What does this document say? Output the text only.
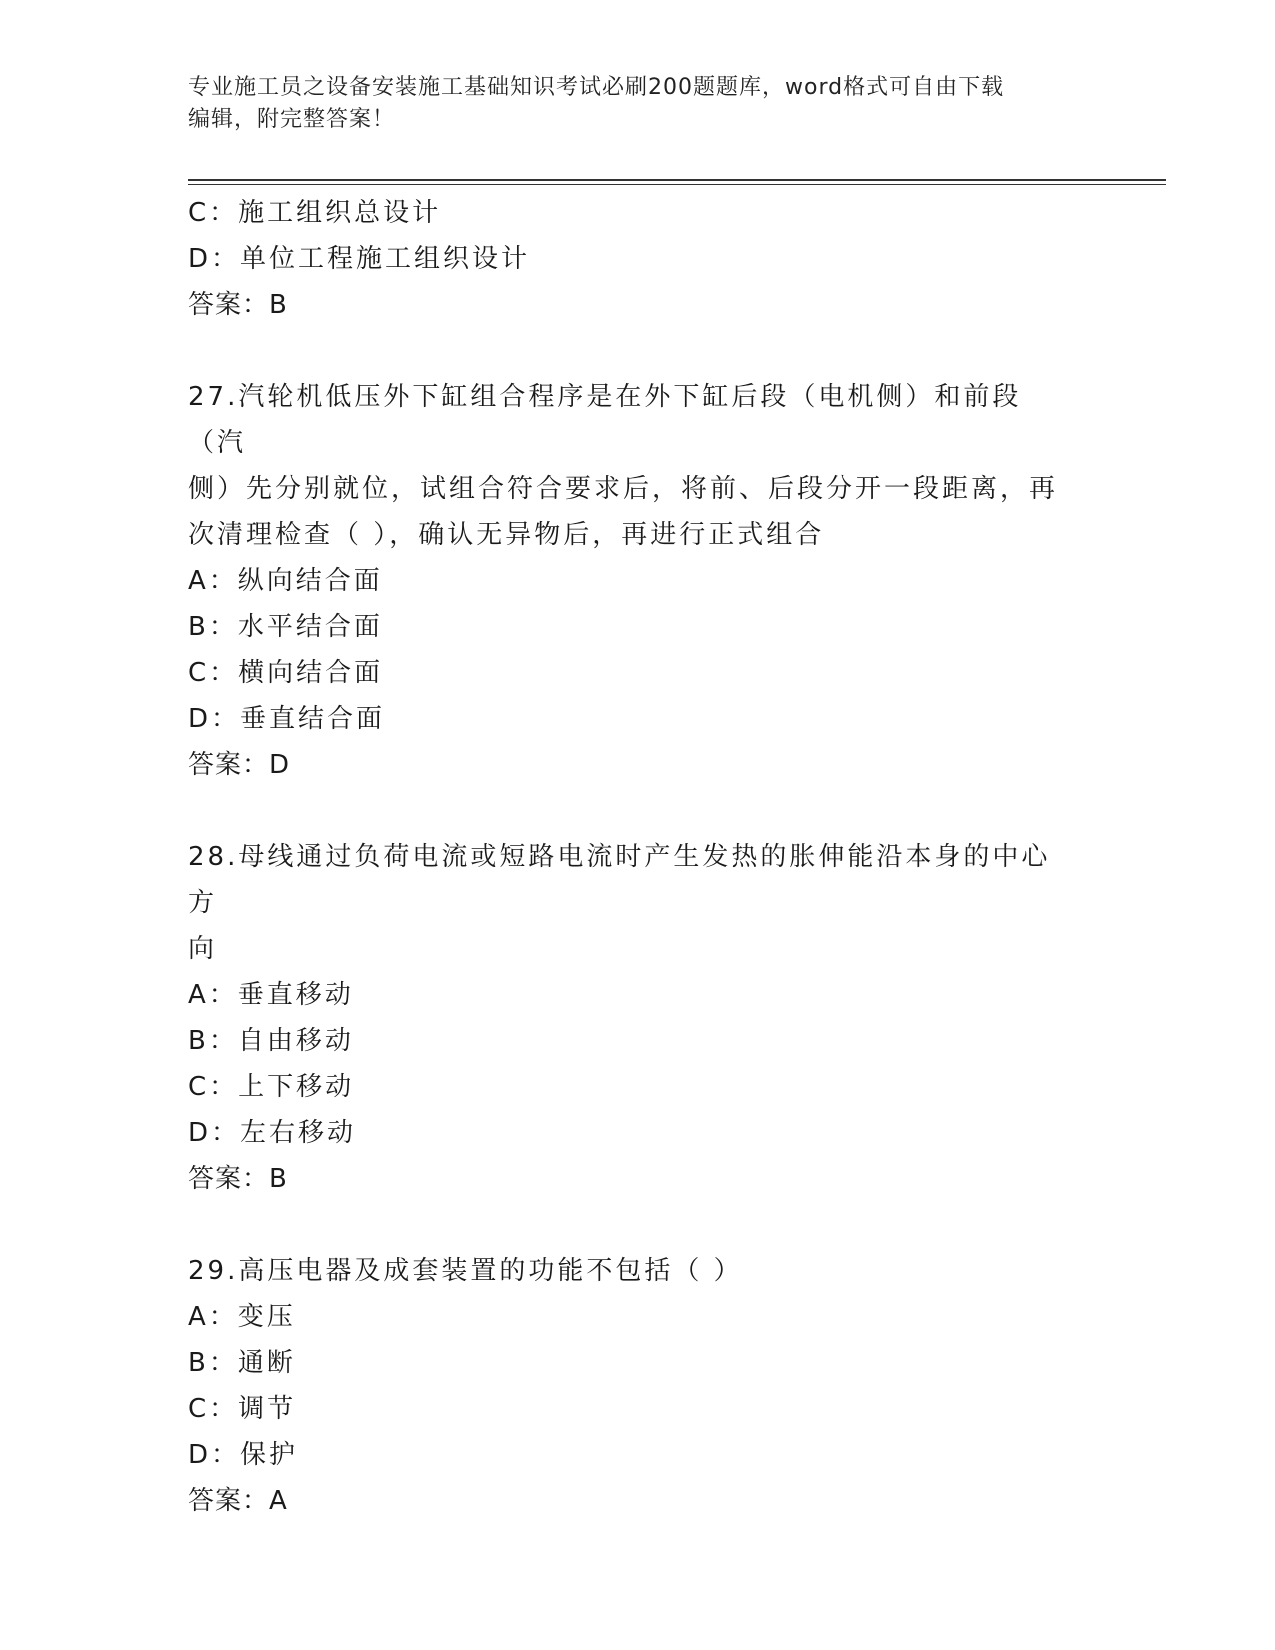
专业施工员之设备安装施工基础知识考试必刷200题题库，word格式可自由下载
编辑，附完整答案！
C：施工组织总设计
D：单位工程施工组织设计
答案：B
27.汽轮机低压外下缸组合程序是在外下缸后段（电机侧）和前段（汽
侧）先分别就位，试组合符合要求后，将前、后段分开一段距离，再
次清理检查（ ），确认无异物后，再进行正式组合
A：纵向结合面
B：水平结合面
C：横向结合面
D：垂直结合面
答案：D
28.母线通过负荷电流或短路电流时产生发热的胀伸能沿本身的中心方
向
A：垂直移动
B：自由移动
C：上下移动
D：左右移动
答案：B
29.高压电器及成套装置的功能不包括（ ）
A：变压
B：通断
C：调节
D：保护
答案：A
